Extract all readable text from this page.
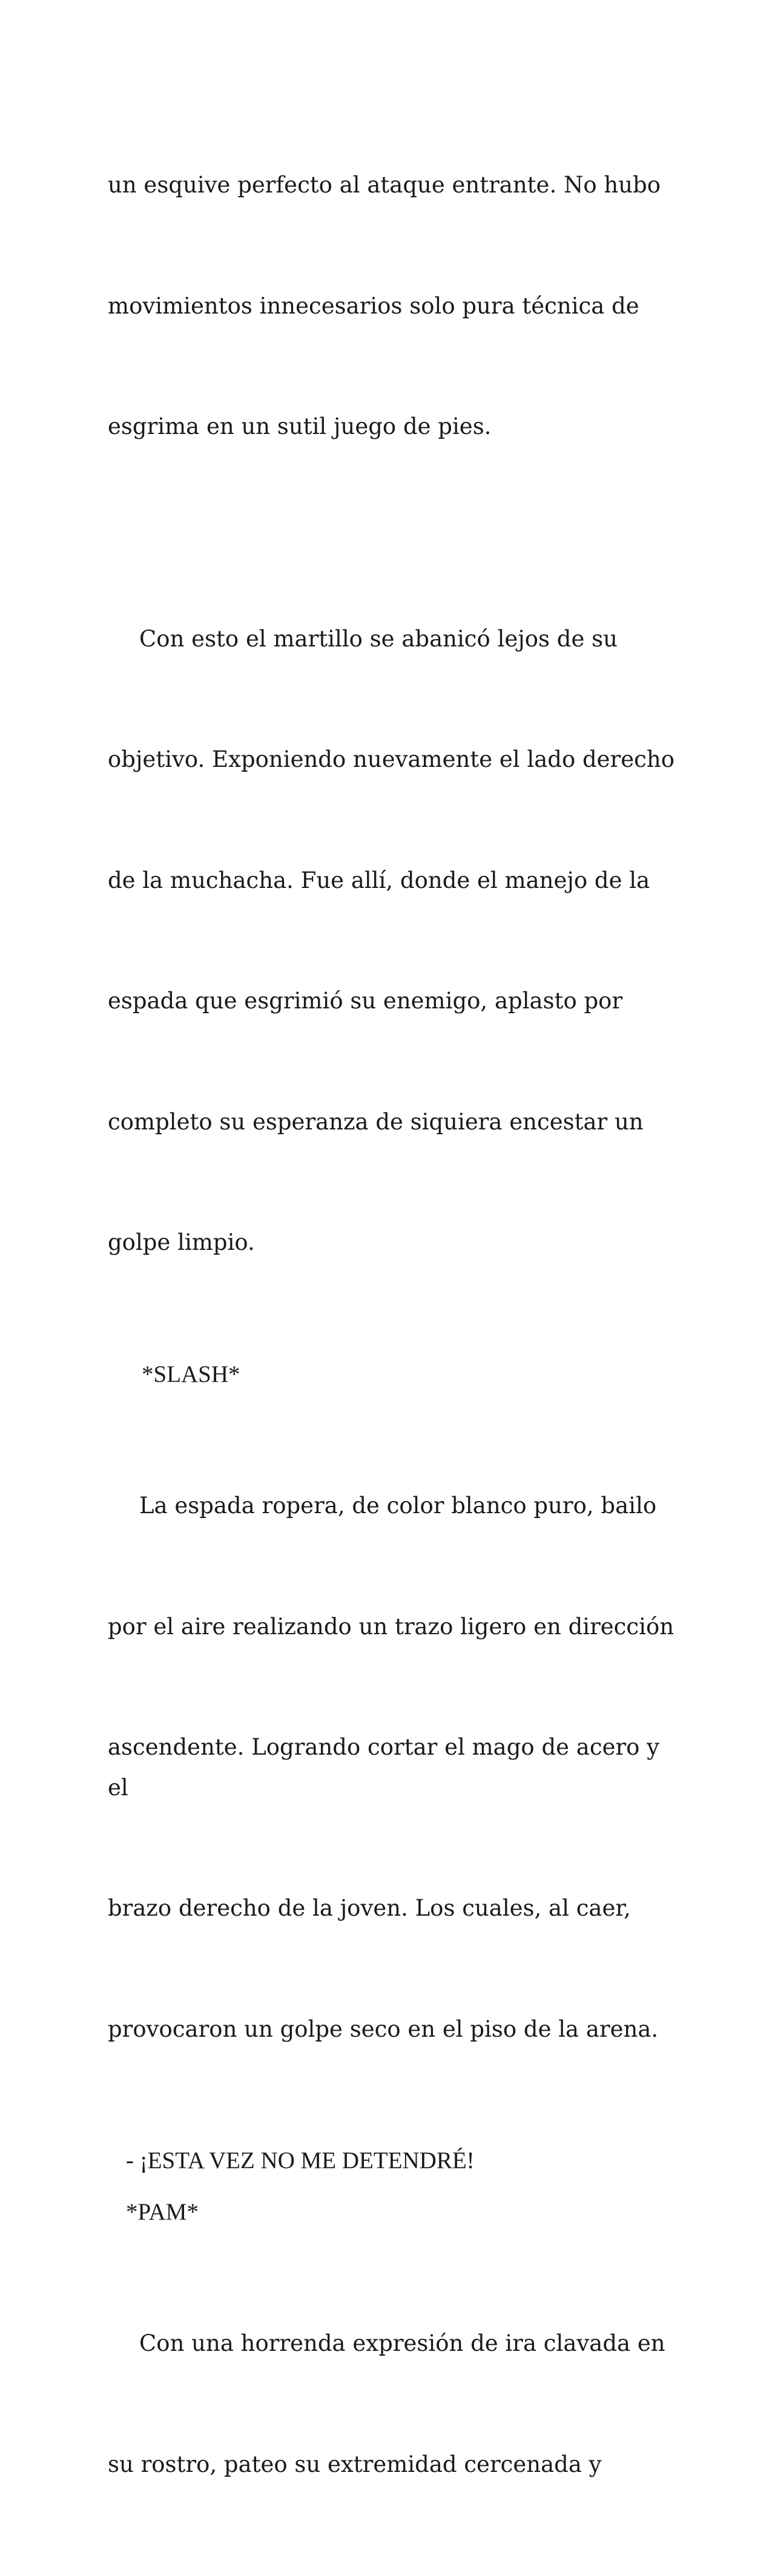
un esquive perfecto al ataque entrante. No hubo

movimientos innecesarios solo pura técnica de

esgrima en un sutil juego de pies.

Con esto el martillo se abanicó lejos de su

objetivo. Exponiendo nuevamente el lado derecho

de la muchacha. Fue allí, donde el manejo de la

espada que esgrimió su enemigo, aplasto por

completo su esperanza de siquiera encestar un

golpe limpio.

*SLASH*

La espada ropera, de color blanco puro, bailo

por el aire realizando un trazo ligero en dirección

ascendente. Logrando cortar el mago de acero y el

brazo derecho de la joven. Los cuales, al caer,

provocaron un golpe seco en el piso de la arena.

- ¡ESTA VEZ NO ME DETENDRÉ!

*PAM*

Con una horrenda expresión de ira clavada en

su rostro, pateo su extremidad cercenada y
